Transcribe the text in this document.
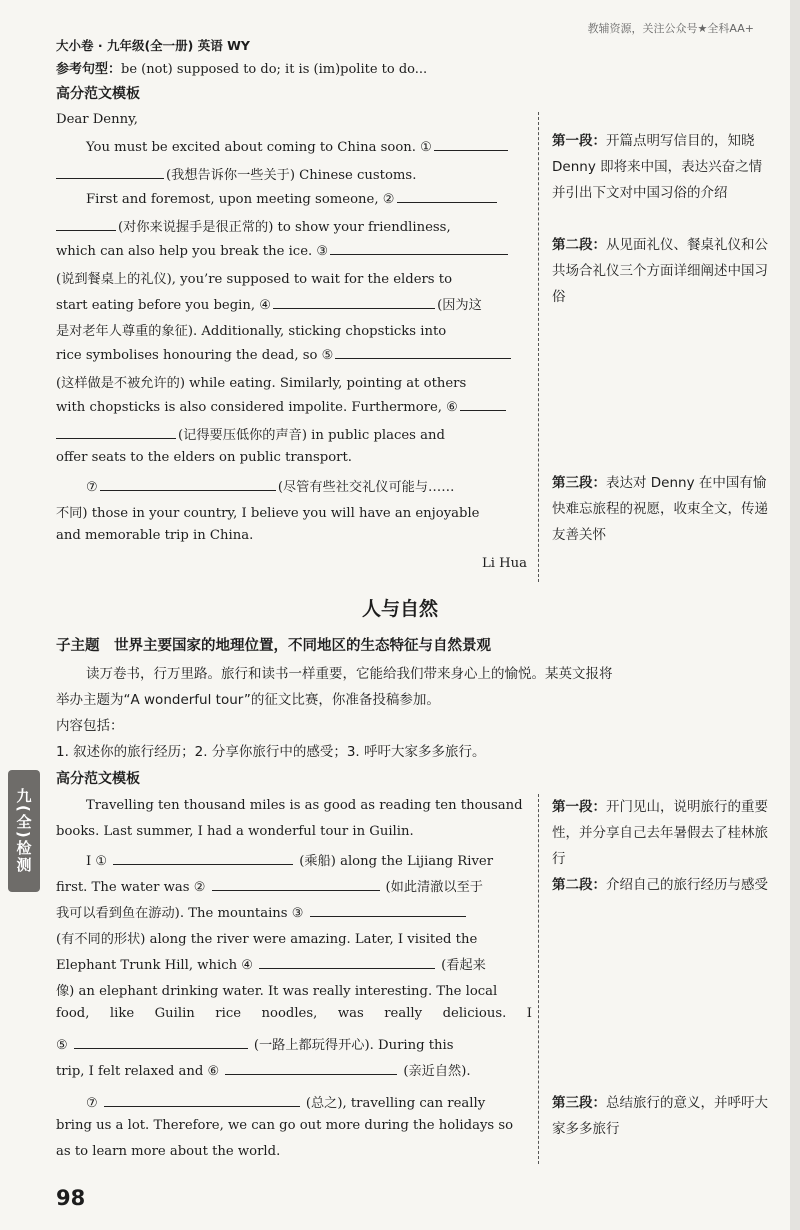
大小卷 · 九年级(全一册) 英语 WY
教辅资源，关注公众号★全科AA+
参考句型：be (not) supposed to do; it is (im)polite to do...
高分范文模板
Dear Denny,
You must be excited about coming to China soon. ①
(我想告诉你一些关于) Chinese customs.
First and foremost, upon meeting someone, ②
(对你来说握手是很正常的) to show your friendliness,
which can also help you break the ice. ③
(说到餐桌上的礼仪), you’re supposed to wait for the elders to
start eating before you begin, ④	(因为这
是对老年人尊重的象征). Additionally, sticking chopsticks into
rice symbolises honouring the dead, so ⑤
(这样做是不被允许的) while eating. Similarly, pointing at others
with chopsticks is also considered impolite. Furthermore, ⑥
(记得要压低你的声音) in public places and
offer seats to the elders on public transport.
⑦	(尽管有些社交礼仪可能与……
不同) those in your country, I believe you will have an enjoyable
and memorable trip in China.
Li Hua
第一段：开篇点明写信目的，知晓 Denny 即将来中国，表达兴奋之情并引出下文对中国习俗的介绍
第二段：从见面礼仪、餐桌礼仪和公共场合礼仪三个方面详细阐述中国习俗
第三段：表达对 Denny 在中国有愉快难忘旅程的祝愿，收束全文，传递友善关怀
人与自然
子主题　世界主要国家的地理位置，不同地区的生态特征与自然景观
读万卷书，行万里路。旅行和读书一样重要，它能给我们带来身心上的愉悦。某英文报将
举办主题为“A wonderful tour”的征文比赛，你准备投稿参加。
内容包括：
1. 叙述你的旅行经历；2. 分享你旅行中的感受；3. 呼吁大家多多旅行。
高分范文模板
Travelling ten thousand miles is as good as reading ten thousand
books. Last summer, I had a wonderful tour in Guilin.
I ①	(乘船) along the Lijiang River
first. The water was ②	(如此清澈以至于
我可以看到鱼在游动). The mountains ③
(有不同的形状) along the river were amazing. Later, I visited the
Elephant Trunk Hill, which ④	(看起来
像) an elephant drinking water. It was really interesting. The local
food, like Guilin rice noodles, was really delicious. I
⑤	(一路上都玩得开心). During this
trip, I felt relaxed and ⑥	(亲近自然).
⑦	(总之), travelling can really
bring us a lot. Therefore, we can go out more during the holidays so
as to learn more about the world.
第一段：开门见山，说明旅行的重要性，并分享自己去年暑假去了桂林旅行
第二段：介绍自己的旅行经历与感受
第三段：总结旅行的意义，并呼吁大家多多旅行
九(全)检测
98
